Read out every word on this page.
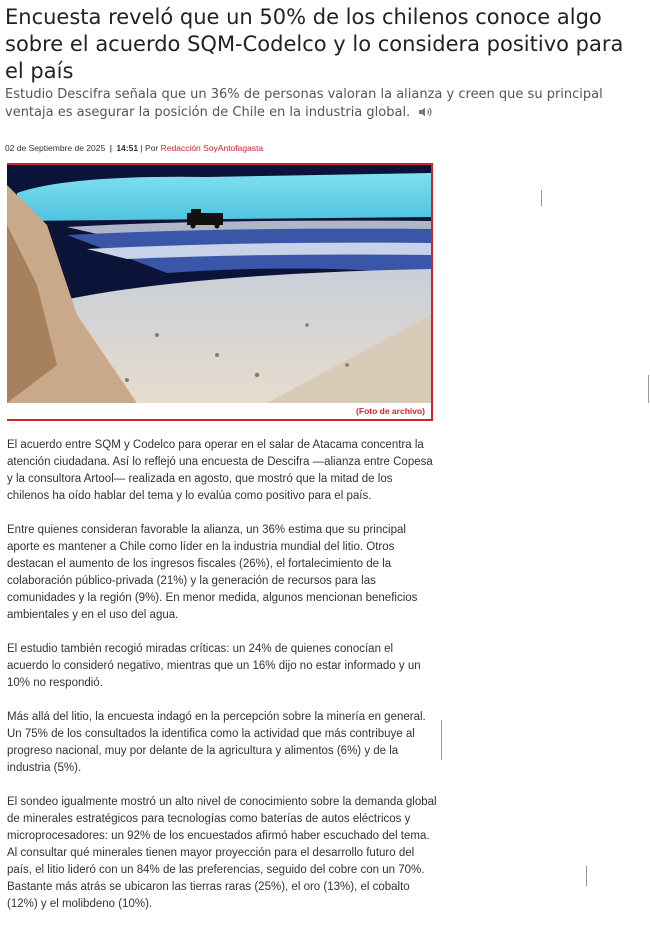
Encuesta reveló que un 50% de los chilenos conoce algo sobre el acuerdo SQM-Codelco y lo considera positivo para el país

Estudio Descifra señala que un 36% de personas valoran la alianza y creen que su principal ventaja es asegurar la posición de Chile en la industria global.

02 de Septiembre de 2025 | 14:51 | Por Redacción SoyAntofagasta
(Foto de archivo)

El acuerdo entre SQM y Codelco para operar en el salar de Atacama concentra la atención ciudadana. Así lo reflejó una encuesta de Descifra —alianza entre Copesa y la consultora Artool— realizada en agosto, que mostró que la mitad de los chilenos ha oído hablar del tema y lo evalúa como positivo para el país.

Entre quienes consideran favorable la alianza, un 36% estima que su principal aporte es mantener a Chile como líder en la industria mundial del litio. Otros destacan el aumento de los ingresos fiscales (26%), el fortalecimiento de la colaboración público-privada (21%) y la generación de recursos para las comunidades y la región (9%). En menor medida, algunos mencionan beneficios ambientales y en el uso del agua.

El estudio también recogió miradas críticas: un 24% de quienes conocían el acuerdo lo consideró negativo, mientras que un 16% dijo no estar informado y un 10% no respondió.

Más allá del litio, la encuesta indagó en la percepción sobre la minería en general. Un 75% de los consultados la identifica como la actividad que más contribuye al progreso nacional, muy por delante de la agricultura y alimentos (6%) y de la industria (5%).

El sondeo igualmente mostró un alto nivel de conocimiento sobre la demanda global de minerales estratégicos para tecnologías como baterías de autos eléctricos y microprocesadores: un 92% de los encuestados afirmó haber escuchado del tema. Al consultar qué minerales tienen mayor proyección para el desarrollo futuro del país, el litio lideró con un 84% de las preferencias, seguido del cobre con un 70%. Bastante más atrás se ubicaron las tierras raras (25%), el oro (13%), el cobalto (12%) y el molibdeno (10%).
